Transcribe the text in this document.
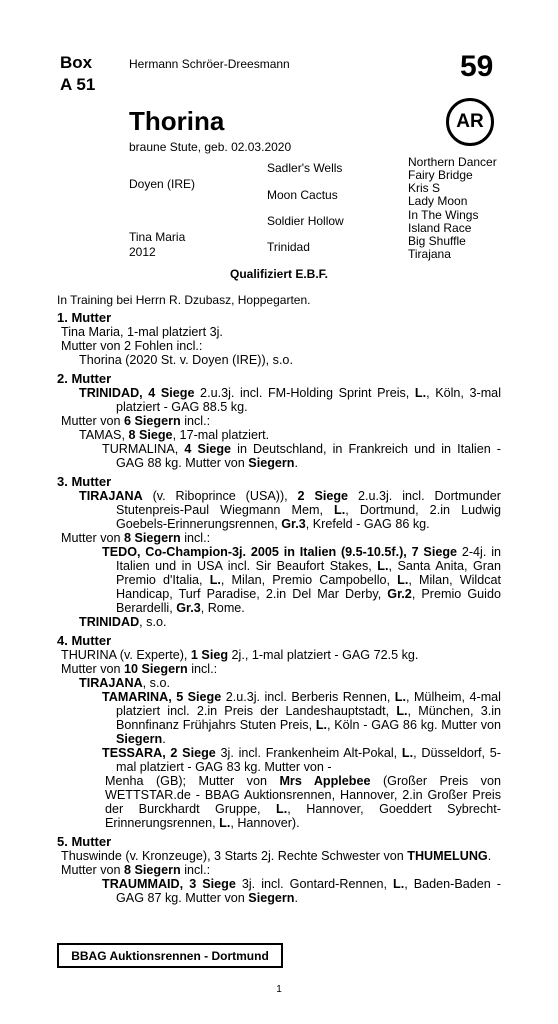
Box
A 51
Hermann Schröer-Dreesmann	59
AR
Thorina
braune Stute, geb. 02.03.2020
Doyen (IRE)
Tina Maria
2012
Sadler's Wells
Moon Cactus
Soldier Hollow
Trinidad
Northern Dancer
Fairy Bridge
Kris S
Lady Moon
In The Wings
Island Race
Big Shuffle
Tirajana
Qualifiziert E.B.F.
In Training bei Herrn R. Dzubasz, Hoppegarten.
1. Mutter
Tina Maria, 1-mal platziert 3j.
Mutter von 2 Fohlen incl.:
Thorina (2020 St. v. Doyen (IRE)), s.o.
2. Mutter
TRINIDAD, 4 Siege 2.u.3j. incl. FM-Holding Sprint Preis, L., Köln, 3-mal platziert - GAG 88.5 kg.
Mutter von 6 Siegern incl.:
TAMAS, 8 Siege, 17-mal platziert.
TURMALINA, 4 Siege in Deutschland, in Frankreich und in Italien - GAG 88 kg. Mutter von Siegern.
3. Mutter
TIRAJANA (v. Riboprince (USA)), 2 Siege 2.u.3j. incl. Dortmunder Stutenpreis-Paul Wiegmann Mem, L., Dortmund, 2.in Ludwig Goebels-Erinnerungsrennen, Gr.3, Krefeld - GAG 86 kg.
Mutter von 8 Siegern incl.:
TEDO, Co-Champion-3j. 2005 in Italien (9.5-10.5f.), 7 Siege 2-4j. in Italien und in USA incl. Sir Beaufort Stakes, L., Santa Anita, Gran Premio d'Italia, L., Milan, Premio Campobello, L., Milan, Wildcat Handicap, Turf Paradise, 2.in Del Mar Derby, Gr.2, Premio Guido Berardelli, Gr.3, Rome.
TRINIDAD, s.o.
4. Mutter
THURINA (v. Experte), 1 Sieg 2j., 1-mal platziert - GAG 72.5 kg.
Mutter von 10 Siegern incl.:
TIRAJANA, s.o.
TAMARINA, 5 Siege 2.u.3j. incl. Berberis Rennen, L., Mülheim, 4-mal platziert incl. 2.in Preis der Landeshauptstadt, L., München, 3.in Bonnfinanz Frühjahrs Stuten Preis, L., Köln - GAG 86 kg. Mutter von Siegern.
TESSARA, 2 Siege 3j. incl. Frankenheim Alt-Pokal, L., Düsseldorf, 5-mal platziert - GAG 83 kg. Mutter von -
Menha (GB); Mutter von Mrs Applebee (Großer Preis von WETTSTAR.de - BBAG Auktionsrennen, Hannover, 2.in Großer Preis der Burckhardt Gruppe, L., Hannover, Goeddert Sybrecht-Erinnerungsrennen, L., Hannover).
5. Mutter
Thuswinde (v. Kronzeuge), 3 Starts 2j. Rechte Schwester von THUMELUNG.
Mutter von 8 Siegern incl.:
TRAUMMAID, 3 Siege 3j. incl. Gontard-Rennen, L., Baden-Baden - GAG 87 kg. Mutter von Siegern.
BBAG Auktionsrennen - Dortmund
1
